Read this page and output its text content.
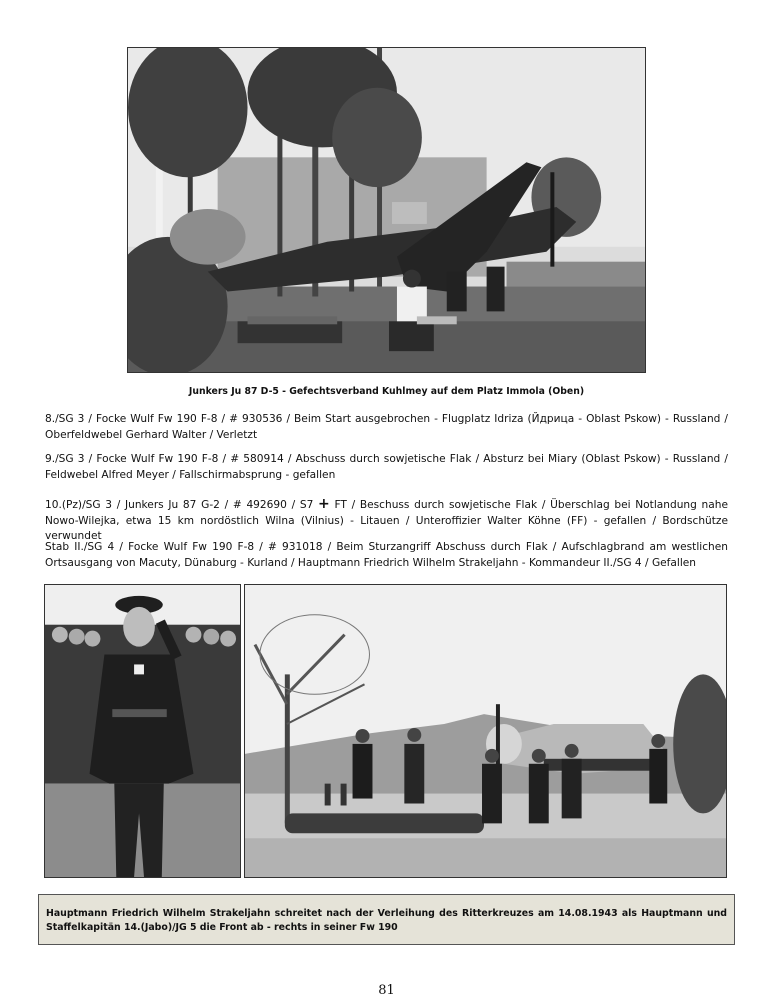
Junkers Ju 87 D-5 - Gefechtsverband Kuhlmey auf dem Platz Immola (Oben)

8./SG 3 / Focke Wulf Fw 190 F-8 / # 930536 / Beim Start ausgebrochen - Flugplatz Idriza (Йдрица - Oblast Pskow) - Russland / Oberfeldwebel Gerhard Walter / Verletzt

9./SG 3 / Focke Wulf Fw 190 F-8 / # 580914 / Abschuss durch sowjetische Flak / Absturz bei Miary (Oblast Pskow) - Russland / Feldwebel Alfred Meyer / Fallschirmabsprung - gefallen

10.(Pz)/SG 3 / Junkers Ju 87 G-2 / # 492690 / S7 + FT / Beschuss durch sowjetische Flak / Überschlag bei Notlandung nahe Nowo-Wilejka, etwa 15 km nordöstlich Wilna (Vilnius) - Litauen / Unteroffizier Walter Köhne (FF) - gefallen / Bordschütze verwundet

Stab II./SG 4 / Focke Wulf Fw 190 F-8 / # 931018 / Beim Sturzangriff Abschuss durch Flak / Aufschlagbrand am westlichen Ortsausgang von Macuty, Dünaburg - Kurland / Hauptmann Friedrich Wilhelm Strakeljahn - Kommandeur II./SG 4 / Gefallen

Hauptmann Friedrich Wilhelm Strakeljahn schreitet nach der Verleihung des Ritterkreuzes am 14.08.1943 als Hauptmann und Staffelkapitän 14.(Jabo)/JG 5 die Front ab - rechts in seiner Fw 190
81
